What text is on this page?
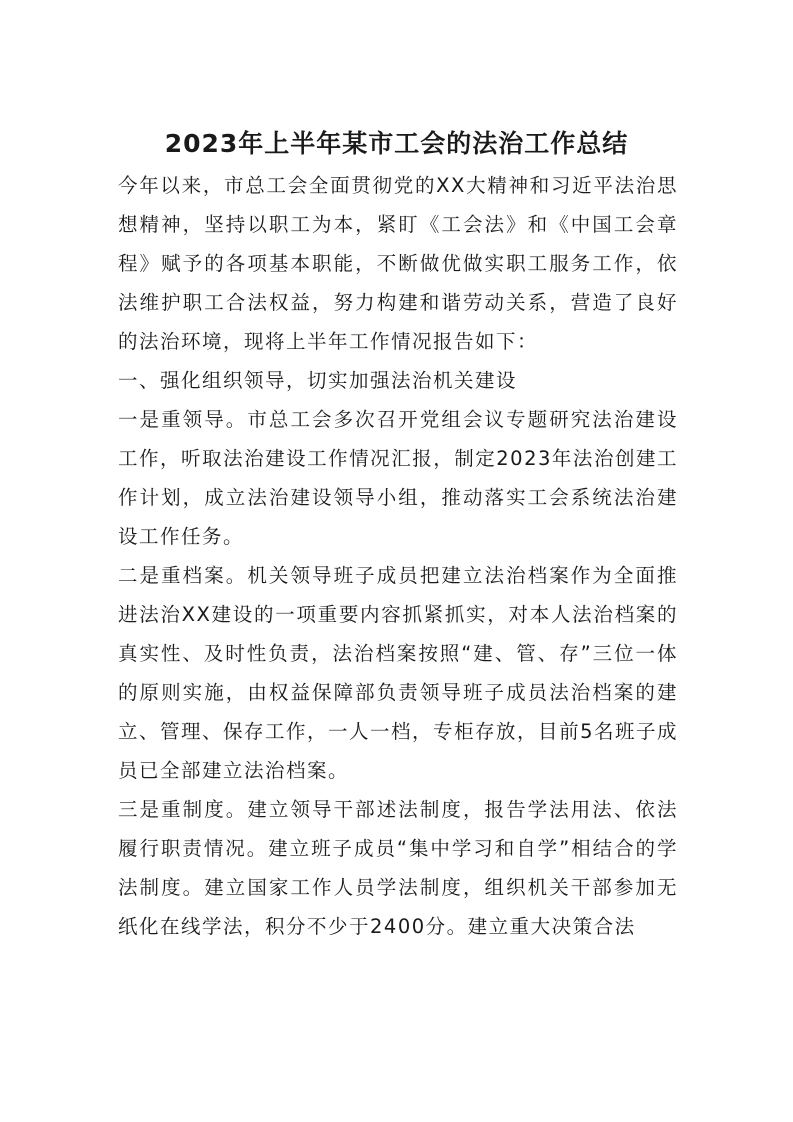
2023年上半年某市工会的法治工作总结

今年以来，市总工会全面贯彻党的XX大精神和习近平法治思想精神，坚持以职工为本，紧盯《工会法》和《中国工会章程》赋予的各项基本职能，不断做优做实职工服务工作，依法维护职工合法权益，努力构建和谐劳动关系，营造了良好的法治环境，现将上半年工作情况报告如下：

一、强化组织领导，切实加强法治机关建设

一是重领导。市总工会多次召开党组会议专题研究法治建设工作，听取法治建设工作情况汇报，制定2023年法治创建工作计划，成立法治建设领导小组，推动落实工会系统法治建设工作任务。

二是重档案。机关领导班子成员把建立法治档案作为全面推进法治XX建设的一项重要内容抓紧抓实，对本人法治档案的真实性、及时性负责，法治档案按照“建、管、存”三位一体的原则实施，由权益保障部负责领导班子成员法治档案的建立、管理、保存工作，一人一档，专柜存放，目前5名班子成员已全部建立法治档案。

三是重制度。建立领导干部述法制度，报告学法用法、依法履行职责情况。建立班子成员“集中学习和自学”相结合的学法制度。建立国家工作人员学法制度，组织机关干部参加无纸化在线学法，积分不少于2400分。建立重大决策合法
